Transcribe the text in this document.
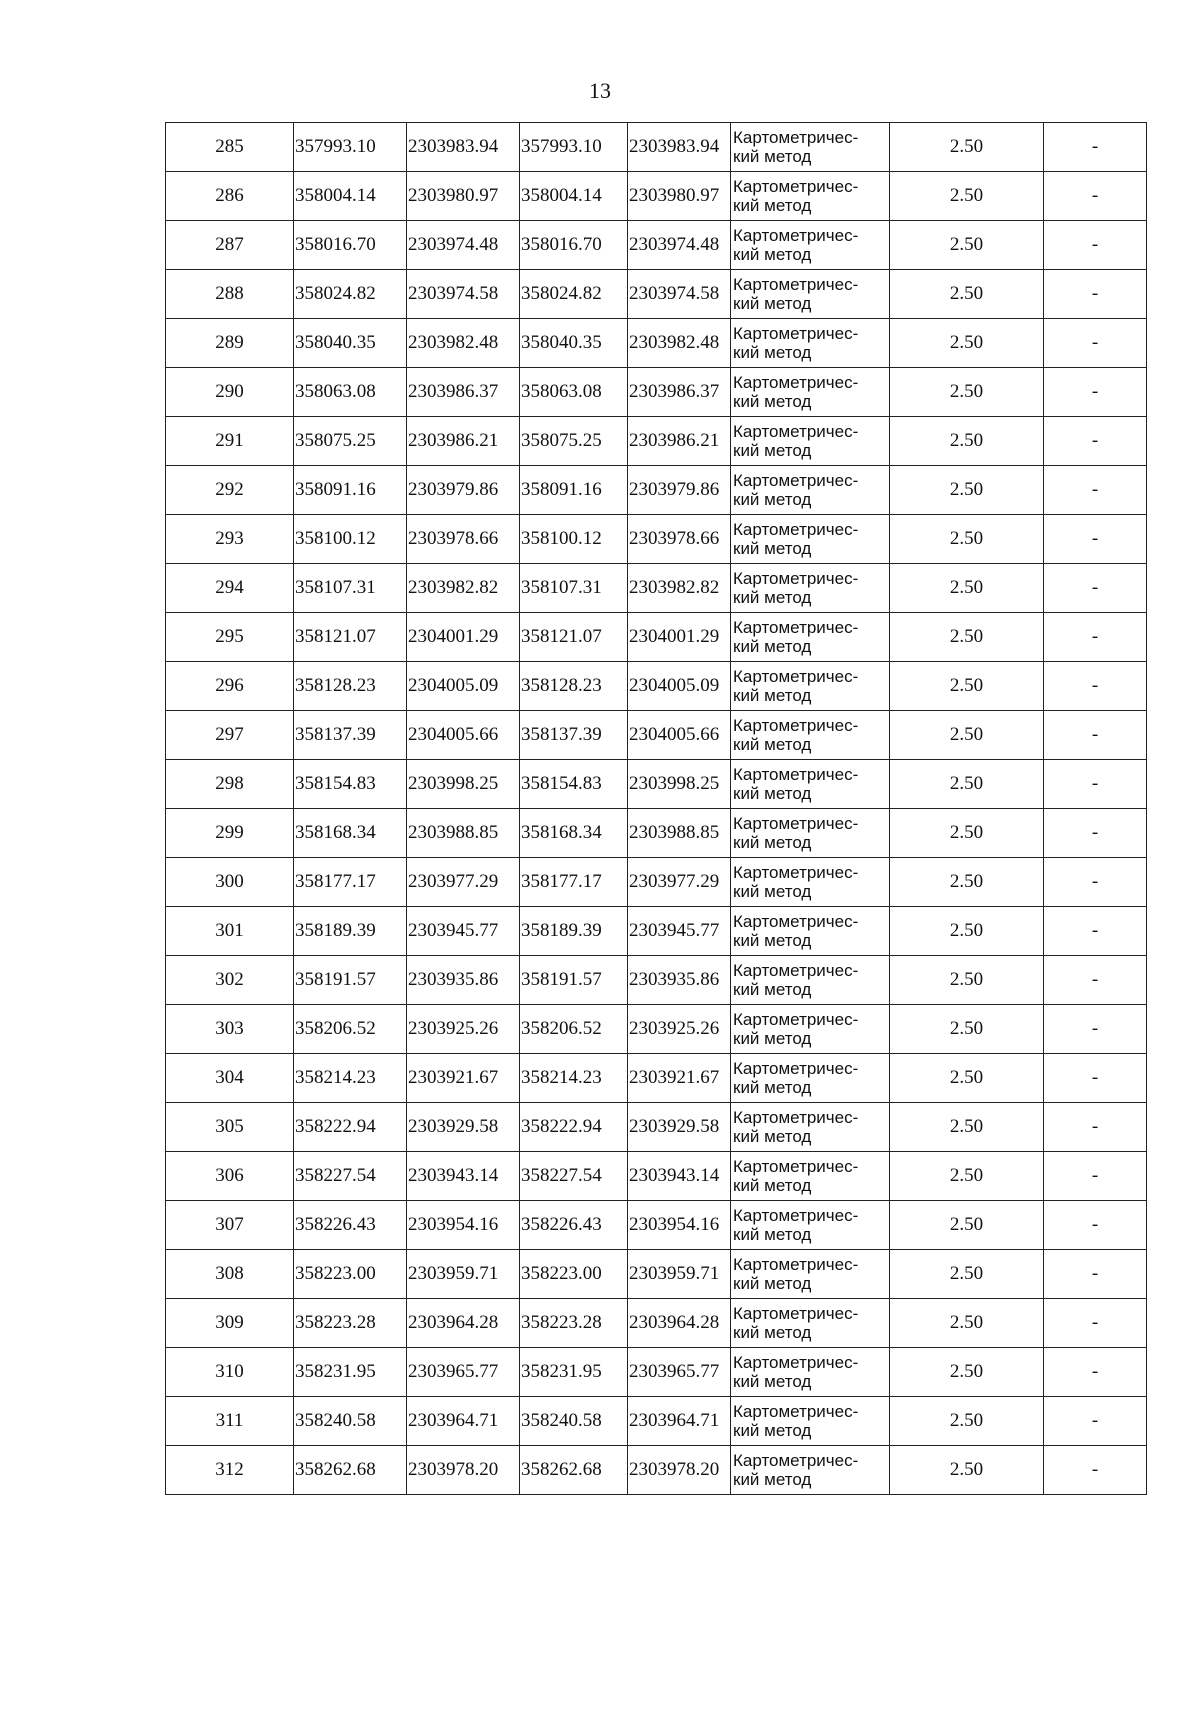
13
285	357993.10	2303983.94	357993.10	2303983.94	Картометричес-
кий метод	2.50	-
286	358004.14	2303980.97	358004.14	2303980.97	Картометричес-
кий метод	2.50	-
287	358016.70	2303974.48	358016.70	2303974.48	Картометричес-
кий метод	2.50	-
288	358024.82	2303974.58	358024.82	2303974.58	Картометричес-
кий метод	2.50	-
289	358040.35	2303982.48	358040.35	2303982.48	Картометричес-
кий метод	2.50	-
290	358063.08	2303986.37	358063.08	2303986.37	Картометричес-
кий метод	2.50	-
291	358075.25	2303986.21	358075.25	2303986.21	Картометричес-
кий метод	2.50	-
292	358091.16	2303979.86	358091.16	2303979.86	Картометричес-
кий метод	2.50	-
293	358100.12	2303978.66	358100.12	2303978.66	Картометричес-
кий метод	2.50	-
294	358107.31	2303982.82	358107.31	2303982.82	Картометричес-
кий метод	2.50	-
295	358121.07	2304001.29	358121.07	2304001.29	Картометричес-
кий метод	2.50	-
296	358128.23	2304005.09	358128.23	2304005.09	Картометричес-
кий метод	2.50	-
297	358137.39	2304005.66	358137.39	2304005.66	Картометричес-
кий метод	2.50	-
298	358154.83	2303998.25	358154.83	2303998.25	Картометричес-
кий метод	2.50	-
299	358168.34	2303988.85	358168.34	2303988.85	Картометричес-
кий метод	2.50	-
300	358177.17	2303977.29	358177.17	2303977.29	Картометричес-
кий метод	2.50	-
301	358189.39	2303945.77	358189.39	2303945.77	Картометричес-
кий метод	2.50	-
302	358191.57	2303935.86	358191.57	2303935.86	Картометричес-
кий метод	2.50	-
303	358206.52	2303925.26	358206.52	2303925.26	Картометричес-
кий метод	2.50	-
304	358214.23	2303921.67	358214.23	2303921.67	Картометричес-
кий метод	2.50	-
305	358222.94	2303929.58	358222.94	2303929.58	Картометричес-
кий метод	2.50	-
306	358227.54	2303943.14	358227.54	2303943.14	Картометричес-
кий метод	2.50	-
307	358226.43	2303954.16	358226.43	2303954.16	Картометричес-
кий метод	2.50	-
308	358223.00	2303959.71	358223.00	2303959.71	Картометричес-
кий метод	2.50	-
309	358223.28	2303964.28	358223.28	2303964.28	Картометричес-
кий метод	2.50	-
310	358231.95	2303965.77	358231.95	2303965.77	Картометричес-
кий метод	2.50	-
311	358240.58	2303964.71	358240.58	2303964.71	Картометричес-
кий метод	2.50	-
312	358262.68	2303978.20	358262.68	2303978.20	Картометричес-
кий метод	2.50	-
